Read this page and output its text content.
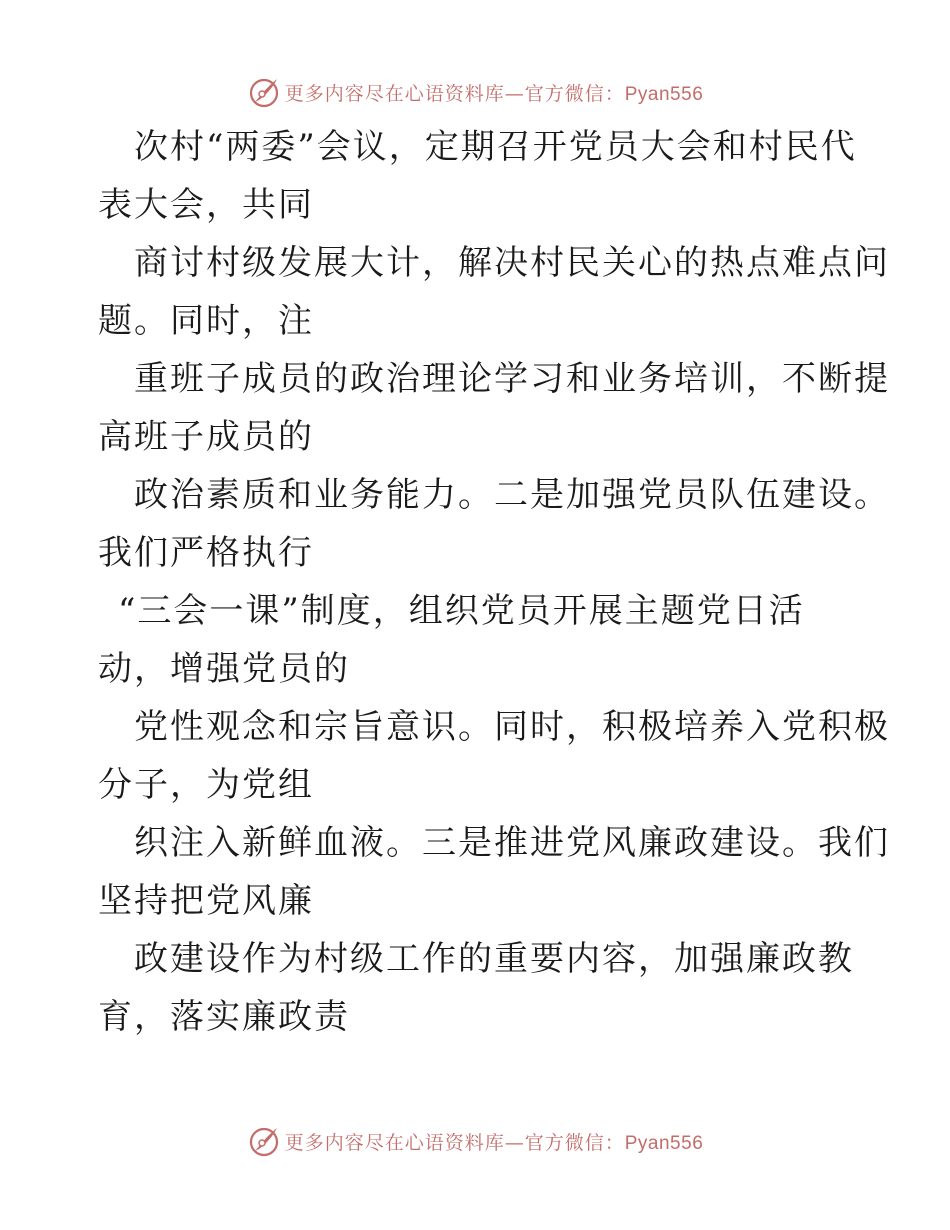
更多内容尽在心语资料库—官方微信：Pyan556
次村“两委”会议，定期召开党员大会和村民代
表大会，共同
商讨村级发展大计，解决村民关心的热点难点问
题。同时，注
重班子成员的政治理论学习和业务培训，不断提
高班子成员的
政治素质和业务能力。二是加强党员队伍建设。
我们严格执行
“三会一课”制度，组织党员开展主题党日活
动，增强党员的
党性观念和宗旨意识。同时，积极培养入党积极
分子，为党组
织注入新鲜血液。三是推进党风廉政建设。我们
坚持把党风廉
政建设作为村级工作的重要内容，加强廉政教
育，落实廉政责
更多内容尽在心语资料库—官方微信：Pyan556
